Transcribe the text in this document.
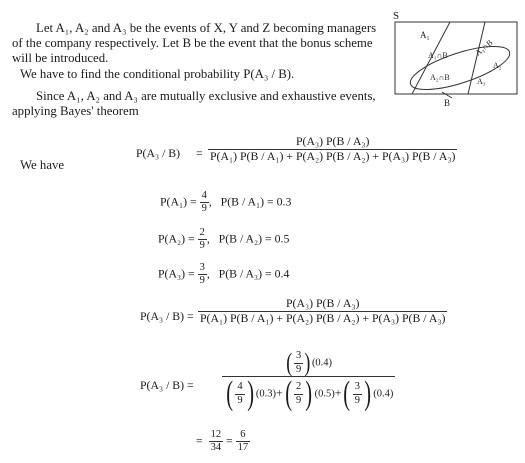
Let A₁, A₂ and A₃ be the events of X, Y and Z becoming managers
of the company respectively. Let B be the event that the bonus scheme
will be introduced.
We have to find the conditional probability P(A₃ / B).
Since A₁, A₂ and A₃ are mutually exclusive and exhaustive events,
applying Bayes' theorem
S
A₁
A₁∩B	A₃∩B
A₂∩B
A₂
A₃
B
$P(A_3 / B) = \frac{\text{P(A₃) P(B / A₃)}}{\text{P(A₁) P(B / A₁) + P(A₂) P(B / A₂) + P(A₃) P(B / A₃)}}$
We have
$P(A_1) = \frac{4}{9}$ ,   P(B / A₁) = 0.3
$P(A_2) = \frac{2}{9}$ ,   P(B / A₂) = 0.5
$P(A_3) = \frac{3}{9}$ ,   P(B / A₃) = 0.4
$P(A_3 / B) = \frac{\text{P(A₃) P(B / A₃)}}{\text{P(A₁) P(B / A₁) + P(A₂) P(B / A₂) + P(A₃) P(B / A₃)}}$
$P(A_3 / B) = \frac{( \frac{3}{9} ) (0.4)}{( \frac{4}{9} ) (0.3)+ ( \frac{2}{9} ) (0.5)+ ( \frac{3}{9} ) (0.4)}$
= $\frac{12}{34} = \frac{6}{17}$
